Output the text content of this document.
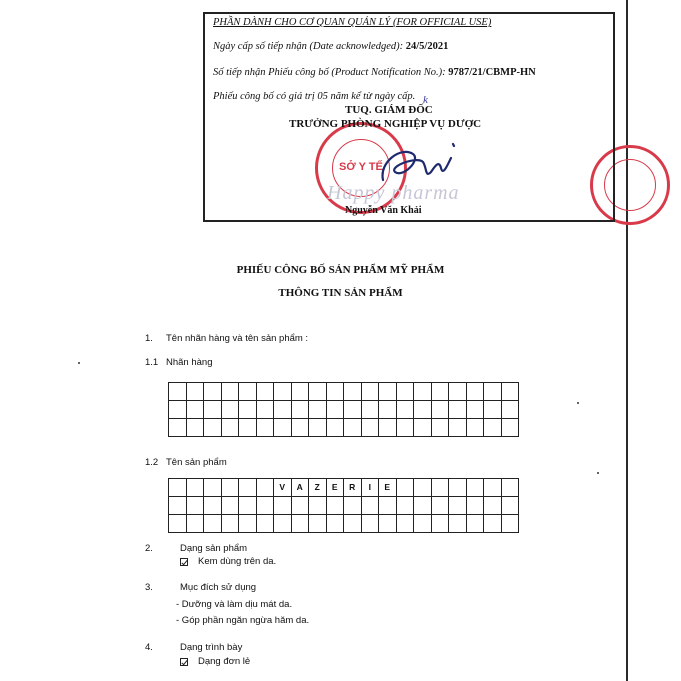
PHẦN DÀNH CHO CƠ QUAN QUẢN LÝ (FOR OFFICIAL USE)
Ngày cấp số tiếp nhận (Date acknowledged): 24/5/2021
Số tiếp nhận Phiếu công bố (Product Notification No.): 9787/21/CBMP-HN
Phiếu công bố có giá trị 05 năm kể từ ngày cấp. k
SỞ Y TẾ
TUQ. GIÁM ĐỐC
TRƯỞNG PHÒNG NGHIỆP VỤ DƯỢC
Happy pharma
Nguyễn Văn Khải
PHIẾU CÔNG BỐ SẢN PHẨM MỸ PHẨM
THÔNG TIN SẢN PHẨM
1. Tên nhãn hàng và tên sản phẩm :
1.1 Nhãn hàng
1.2 Tên sản phẩm
V	A	Z	E	R	I	E
2.	Dạng sản phẩm
Kem dùng trên da.
3.	Mục đích sử dụng
- Dưỡng và làm dịu mát da.
- Góp phần ngăn ngừa hăm da.
4.	Dạng trình bày
Dạng đơn lẻ
